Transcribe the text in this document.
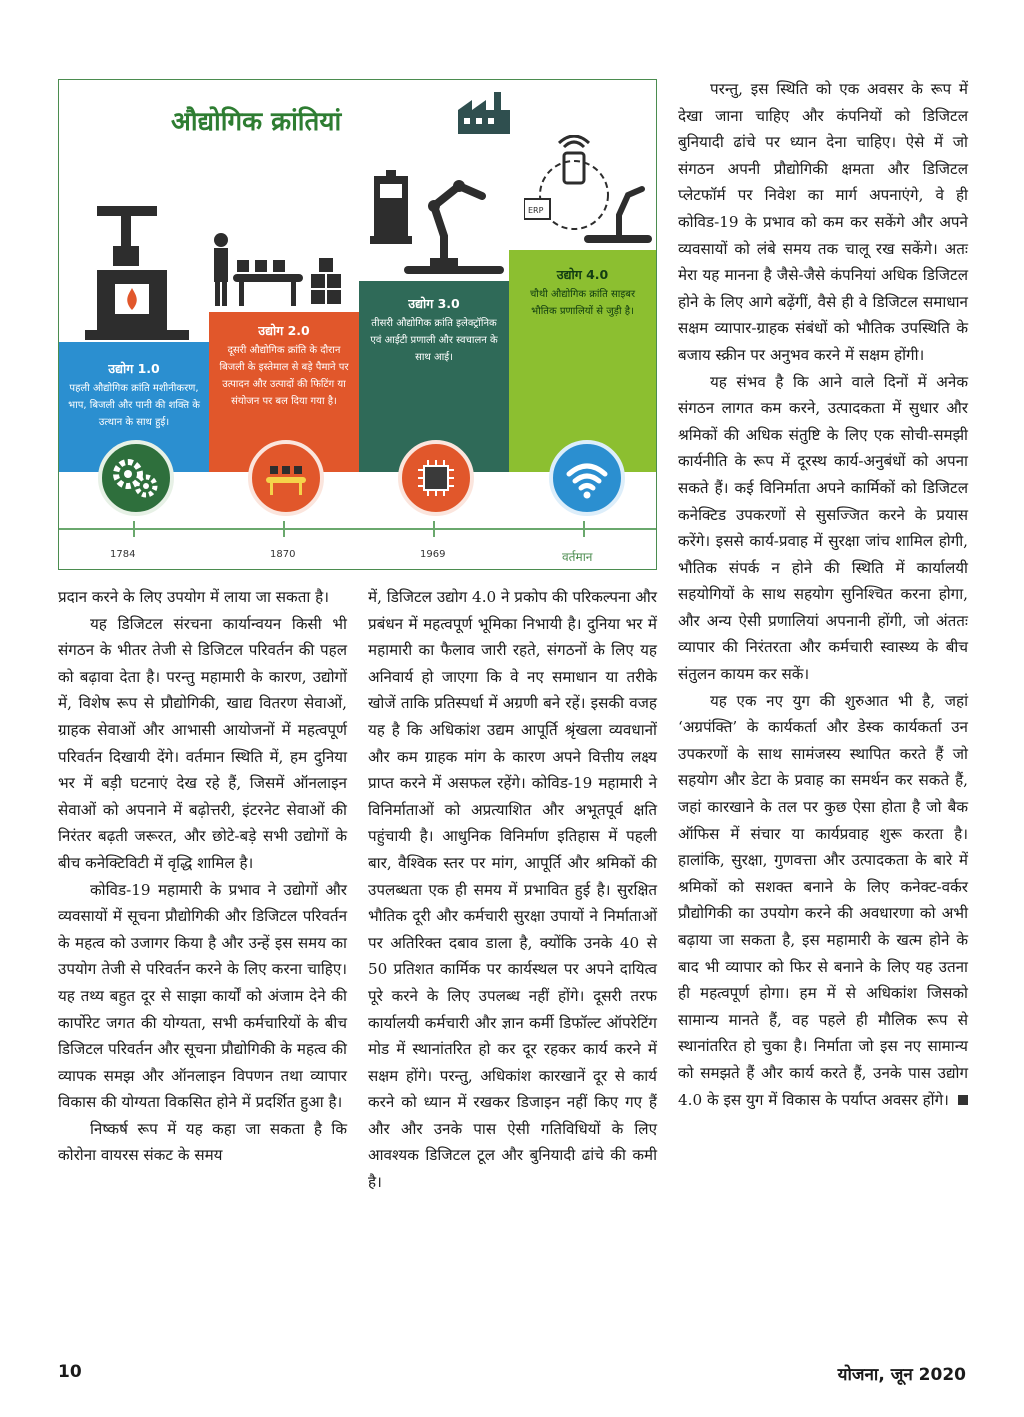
औद्योगिक क्रांतियां
ERP
उद्योग 1.0
पहली औद्योगिक क्रांति मशीनीकरण, भाप, बिजली और पानी की शक्ति के उत्थान के साथ हुई।
उद्योग 2.0
दूसरी औद्योगिक क्रांति के दौरान बिजली के इस्तेमाल से बड़े पैमाने पर उत्पादन और उत्पादों की फिटिंग या संयोजन पर बल दिया गया है।
उद्योग 3.0
तीसरी औद्योगिक क्रांति इलेक्ट्रॉनिक एवं आईटी प्रणाली और स्वचालन के साथ आई।
उद्योग 4.0
चौथी औद्योगिक क्रांति साइबर भौतिक प्रणालियों से जुड़ी है।
1784	1870	1969	वर्तमान

प्रदान करने के लिए उपयोग में लाया जा सकता है।

यह डिजिटल संरचना कार्यान्वयन किसी भी संगठन के भीतर तेजी से डिजिटल परिवर्तन की पहल को बढ़ावा देता है। परन्तु महामारी के कारण, उद्योगों में, विशेष रूप से प्रौद्योगिकी, खाद्य वितरण सेवाओं, ग्राहक सेवाओं और आभासी आयोजनों में महत्वपूर्ण परिवर्तन दिखायी देंगे। वर्तमान स्थिति में, हम दुनिया भर में बड़ी घटनाएं देख रहे हैं, जिसमें ऑनलाइन सेवाओं को अपनाने में बढ़ोत्तरी, इंटरनेट सेवाओं की निरंतर बढ़ती जरूरत, और छोटे-बड़े सभी उद्योगों के बीच कनेक्टिविटी में वृद्धि शामिल है।

कोविड-19 महामारी के प्रभाव ने उद्योगों और व्यवसायों में सूचना प्रौद्योगिकी और डिजिटल परिवर्तन के महत्व को उजागर किया है और उन्हें इस समय का उपयोग तेजी से परिवर्तन करने के लिए करना चाहिए। यह तथ्य बहुत दूर से साझा कार्यों को अंजाम देने की कार्पोरेट जगत की योग्यता, सभी कर्मचारियों के बीच डिजिटल परिवर्तन और सूचना प्रौद्योगिकी के महत्व की व्यापक समझ और ऑनलाइन विपणन तथा व्यापार विकास की योग्यता विकसित होने में प्रदर्शित हुआ है।

निष्कर्ष रूप में यह कहा जा सकता है कि कोरोना वायरस संकट के समय

में, डिजिटल उद्योग 4.0 ने प्रकोप की परिकल्पना और प्रबंधन में महत्वपूर्ण भूमिका निभायी है। दुनिया भर में महामारी का फैलाव जारी रहते, संगठनों के लिए यह अनिवार्य हो जाएगा कि वे नए समाधान या तरीके खोजें ताकि प्रतिस्पर्धा में अग्रणी बने रहें। इसकी वजह यह है कि अधिकांश उद्यम आपूर्ति श्रृंखला व्यवधानों और कम ग्राहक मांग के कारण अपने वित्तीय लक्ष्य प्राप्त करने में असफल रहेंगे। कोविड-19 महामारी ने विनिर्माताओं को अप्रत्याशित और अभूतपूर्व क्षति पहुंचायी है। आधुनिक विनिर्माण इतिहास में पहली बार, वैश्विक स्तर पर मांग, आपूर्ति और श्रमिकों की उपलब्धता एक ही समय में प्रभावित हुई है। सुरक्षित भौतिक दूरी और कर्मचारी सुरक्षा उपायों ने निर्माताओं पर अतिरिक्त दबाव डाला है, क्योंकि उनके 40 से 50 प्रतिशत कार्मिक पर कार्यस्थल पर अपने दायित्व पूरे करने के लिए उपलब्ध नहीं होंगे। दूसरी तरफ कार्यालयी कर्मचारी और ज्ञान कर्मी डिफॉल्ट ऑपरेटिंग मोड में स्थानांतरित हो कर दूर रहकर कार्य करने में सक्षम होंगे। परन्तु, अधिकांश कारखानें दूर से कार्य करने को ध्यान में रखकर डिजाइन नहीं किए गए हैं और और उनके पास ऐसी गतिविधियों के लिए आवश्यक डिजिटल टूल और बुनियादी ढांचे की कमी है।

परन्तु, इस स्थिति को एक अवसर के रूप में देखा जाना चाहिए और कंपनियों को डिजिटल बुनियादी ढांचे पर ध्यान देना चाहिए। ऐसे में जो संगठन अपनी प्रौद्योगिकी क्षमता और डिजिटल प्लेटफॉर्म पर निवेश का मार्ग अपनाएंगे, वे ही कोविड-19 के प्रभाव को कम कर सकेंगे और अपने व्यवसायों को लंबे समय तक चालू रख सकेंगे। अतः मेरा यह मानना है जैसे-जैसे कंपनियां अधिक डिजिटल होने के लिए आगे बढ़ेंगीं, वैसे ही वे डिजिटल समाधान सक्षम व्यापार-ग्राहक संबंधों को भौतिक उपस्थिति के बजाय स्क्रीन पर अनुभव करने में सक्षम होंगी।

यह संभव है कि आने वाले दिनों में अनेक संगठन लागत कम करने, उत्पादकता में सुधार और श्रमिकों की अधिक संतुष्टि के लिए एक सोची-समझी कार्यनीति के रूप में दूरस्थ कार्य-अनुबंधों को अपना सकते हैं। कई विनिर्माता अपने कार्मिकों को डिजिटल कनेक्टिड उपकरणों से सुसज्जित करने के प्रयास करेंगे। इससे कार्य-प्रवाह में सुरक्षा जांच शामिल होगी, भौतिक संपर्क न होने की स्थिति में कार्यालयी सहयोगियों के साथ सहयोग सुनिश्चित करना होगा, और अन्य ऐसी प्रणालियां अपनानी होंगी, जो अंततः व्यापार की निरंतरता और कर्मचारी स्वास्थ्य के बीच संतुलन कायम कर सकें।

यह एक नए युग की शुरुआत भी है, जहां ‘अग्रपंक्ति’ के कार्यकर्ता और डेस्क कार्यकर्ता उन उपकरणों के साथ सामंजस्य स्थापित करते हैं जो सहयोग और डेटा के प्रवाह का समर्थन कर सकते हैं, जहां कारखाने के तल पर कुछ ऐसा होता है जो बैक ऑफिस में संचार या कार्यप्रवाह शुरू करता है। हालांकि, सुरक्षा, गुणवत्ता और उत्पादकता के बारे में श्रमिकों को सशक्त बनाने के लिए कनेक्ट-वर्कर प्रौद्योगिकी का उपयोग करने की अवधारणा को अभी बढ़ाया जा सकता है, इस महामारी के खत्म होने के बाद भी व्यापार को फिर से बनाने के लिए यह उतना ही महत्वपूर्ण होगा। हम में से अधिकांश जिसको सामान्य मानते हैं, वह पहले ही मौलिक रूप से स्थानांतरित हो चुका है। निर्माता जो इस नए सामान्य को समझते हैं और कार्य करते हैं, उनके पास उद्योग 4.0 के इस युग में विकास के पर्याप्त अवसर होंगे।

10	योजना, जून 2020
